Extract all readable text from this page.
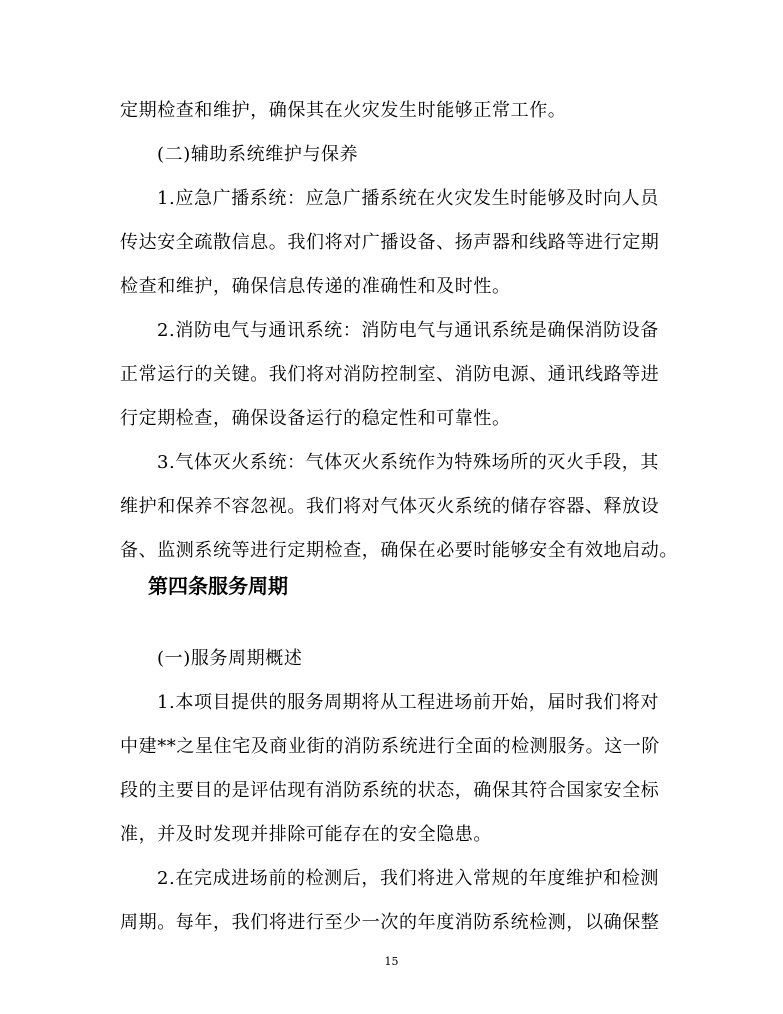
定期检查和维护，确保其在火灾发生时能够正常工作。
(二)辅助系统维护与保养
1.应急广播系统：应急广播系统在火灾发生时能够及时向人员
传达安全疏散信息。我们将对广播设备、扬声器和线路等进行定期
检查和维护，确保信息传递的准确性和及时性。
2.消防电气与通讯系统：消防电气与通讯系统是确保消防设备
正常运行的关键。我们将对消防控制室、消防电源、通讯线路等进
行定期检查，确保设备运行的稳定性和可靠性。
3.气体灭火系统：气体灭火系统作为特殊场所的灭火手段，其
维护和保养不容忽视。我们将对气体灭火系统的储存容器、释放设
备、监测系统等进行定期检查，确保在必要时能够安全有效地启动。
第四条服务周期
(一)服务周期概述
1.本项目提供的服务周期将从工程进场前开始，届时我们将对
中建**之星住宅及商业街的消防系统进行全面的检测服务。这一阶
段的主要目的是评估现有消防系统的状态，确保其符合国家安全标
准，并及时发现并排除可能存在的安全隐患。
2.在完成进场前的检测后，我们将进入常规的年度维护和检测
周期。每年，我们将进行至少一次的年度消防系统检测，以确保整
15
